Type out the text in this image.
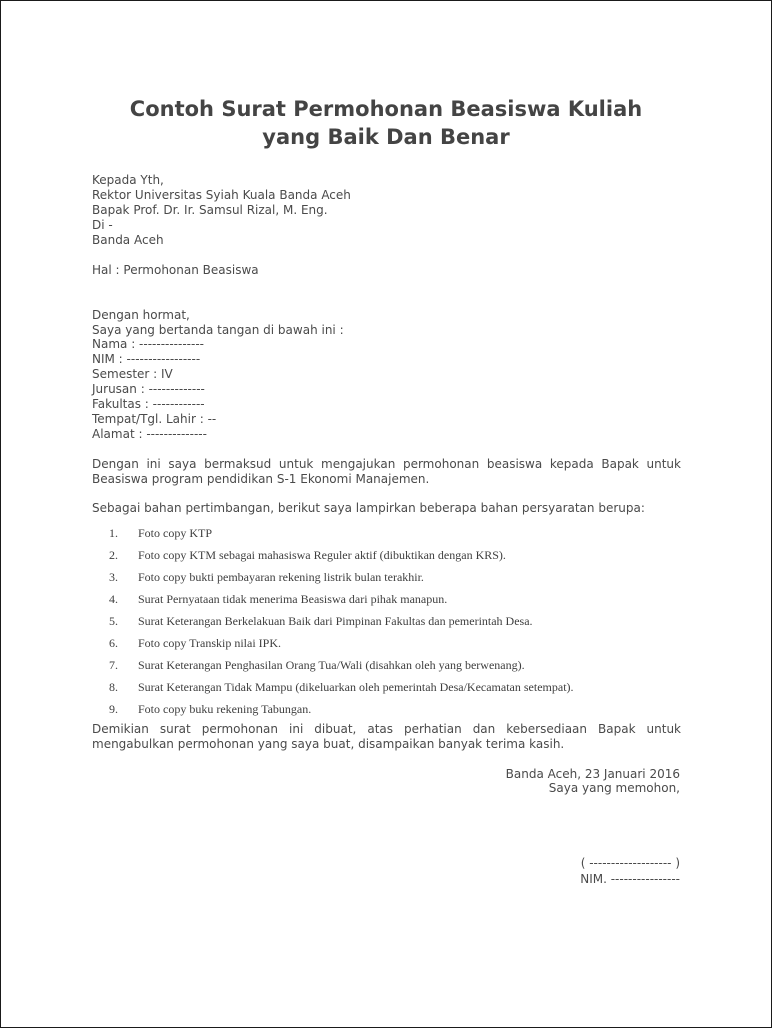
Contoh Surat Permohonan Beasiswa Kuliah
yang Baik Dan Benar
Kepada Yth,
Rektor Universitas Syiah Kuala Banda Aceh
Bapak Prof. Dr. Ir. Samsul Rizal, M. Eng.
Di -
Banda Aceh
Hal : Permohonan Beasiswa
Dengan hormat,
Saya yang bertanda tangan di bawah ini :
Nama : ---------------
NIM : -----------------
Semester : IV
Jurusan : -------------
Fakultas : ------------
Tempat/Tgl. Lahir : --
Alamat : --------------
Dengan ini saya bermaksud untuk mengajukan permohonan beasiswa kepada Bapak untuk
Beasiswa program pendidikan S-1 Ekonomi Manajemen.
Sebagai bahan pertimbangan, berikut saya lampirkan beberapa bahan persyaratan berupa:
1. Foto copy KTP
2. Foto copy KTM sebagai mahasiswa Reguler aktif (dibuktikan dengan KRS).
3. Foto copy bukti pembayaran rekening listrik bulan terakhir.
4. Surat Pernyataan tidak menerima Beasiswa dari pihak manapun.
5. Surat Keterangan Berkelakuan Baik dari Pimpinan Fakultas dan pemerintah Desa.
6. Foto copy Transkip nilai IPK.
7. Surat Keterangan Penghasilan Orang Tua/Wali (disahkan oleh yang berwenang).
8. Surat Keterangan Tidak Mampu (dikeluarkan oleh pemerintah Desa/Kecamatan setempat).
9. Foto copy buku rekening Tabungan.
Demikian surat permohonan ini dibuat, atas perhatian dan kebersediaan Bapak untuk
mengabulkan permohonan yang saya buat, disampaikan banyak terima kasih.
Banda Aceh, 23 Januari 2016
Saya yang memohon,
( ------------------- )
NIM. ----------------
